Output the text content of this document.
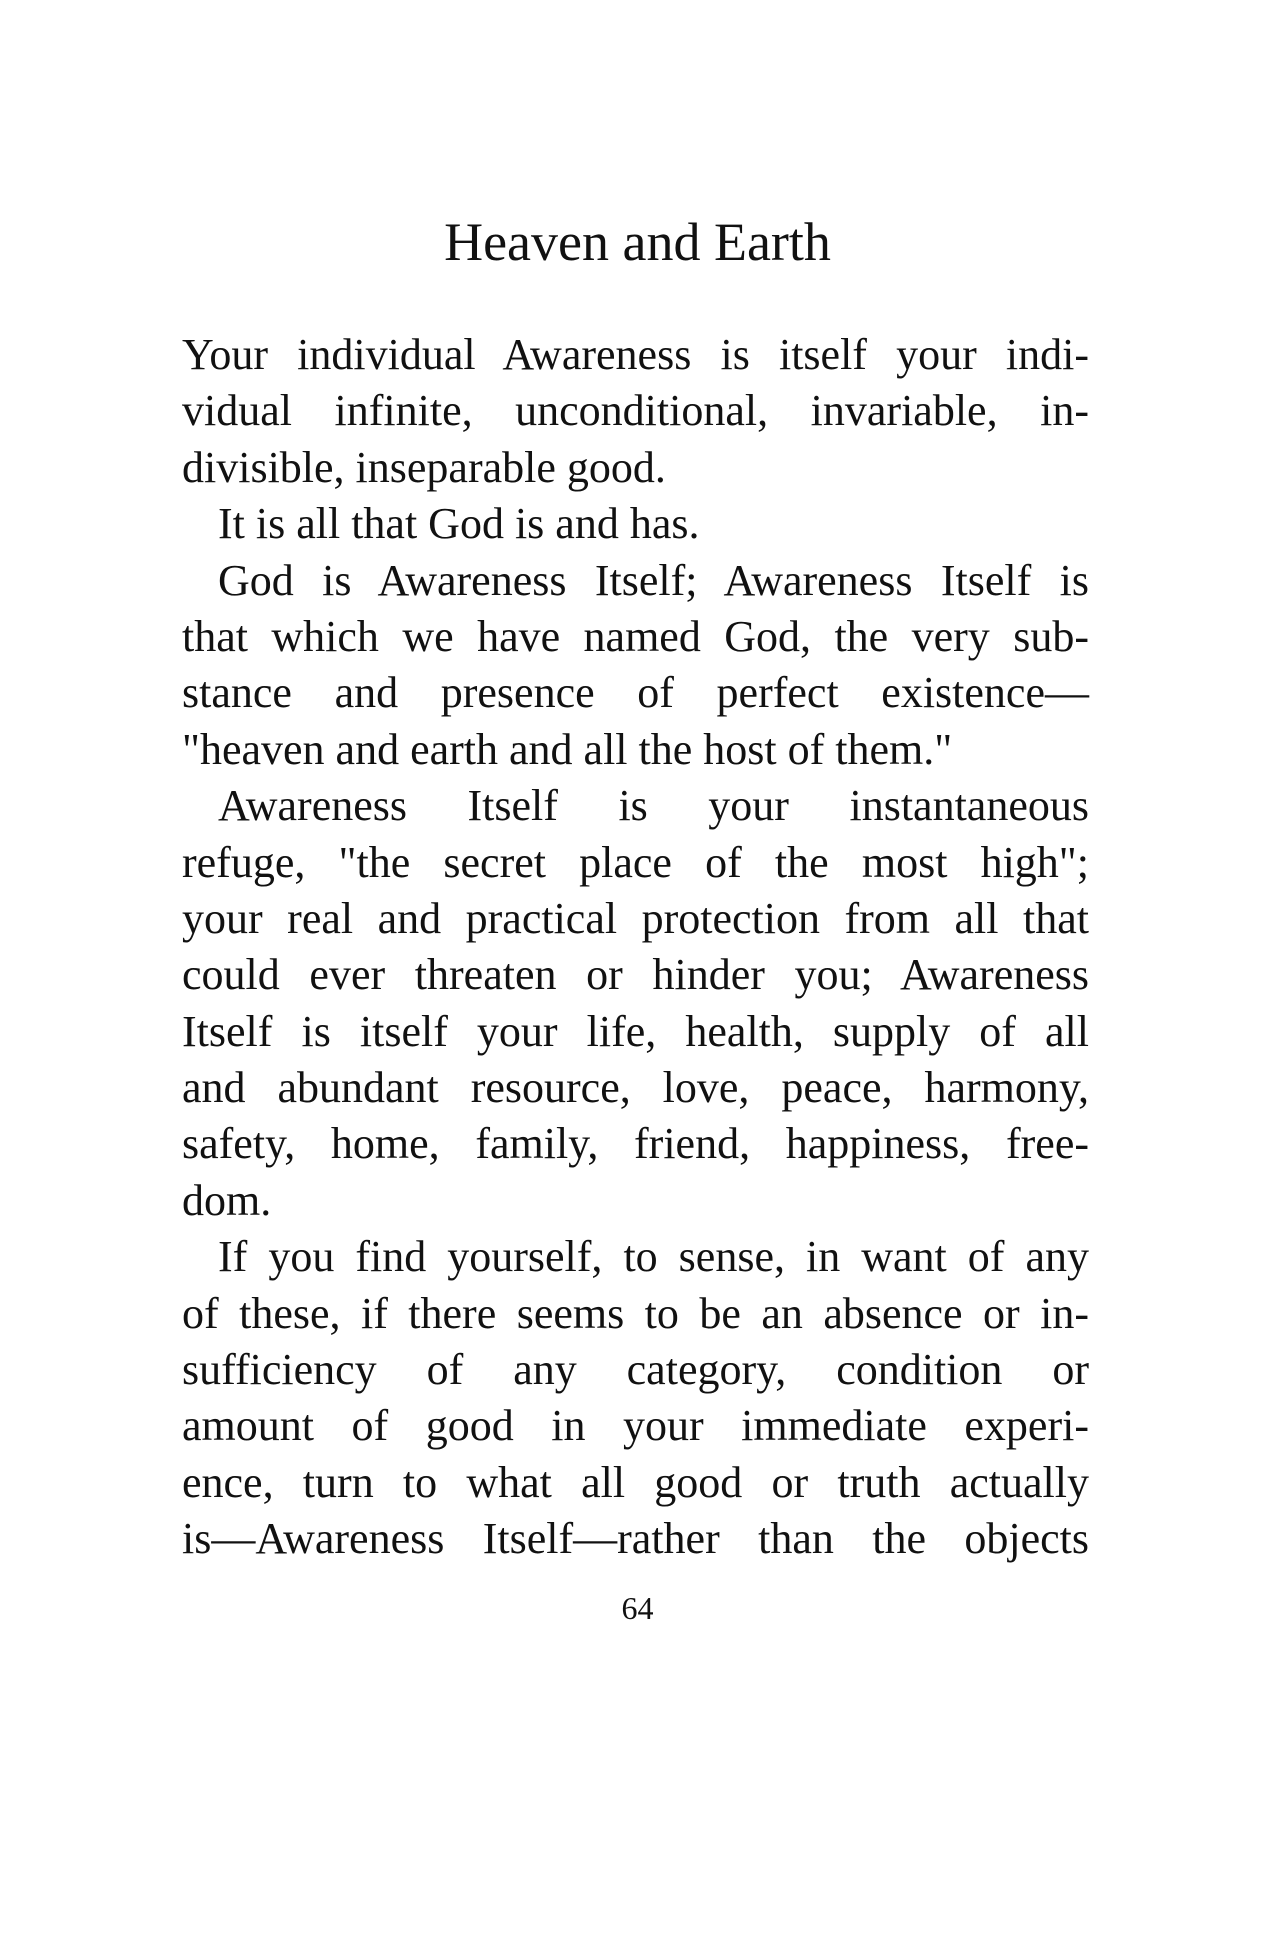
Heaven and Earth

Your individual Awareness is itself your indi-
vidual infinite, unconditional, invariable, in-
divisible, inseparable good.

It is all that God is and has.

God is Awareness Itself; Awareness Itself is
that which we have named God, the very sub-
stance and presence of perfect existence—
"heaven and earth and all the host of them."

Awareness Itself is your instantaneous
refuge, "the secret place of the most high";
your real and practical protection from all that
could ever threaten or hinder you; Awareness
Itself is itself your life, health, supply of all
and abundant resource, love, peace, harmony,
safety, home, family, friend, happiness, free-
dom.

If you find yourself, to sense, in want of any
of these, if there seems to be an absence or in-
sufficiency of any category, condition or
amount of good in your immediate experi-
ence, turn to what all good or truth actually
is—Awareness Itself—rather than the objects

64
